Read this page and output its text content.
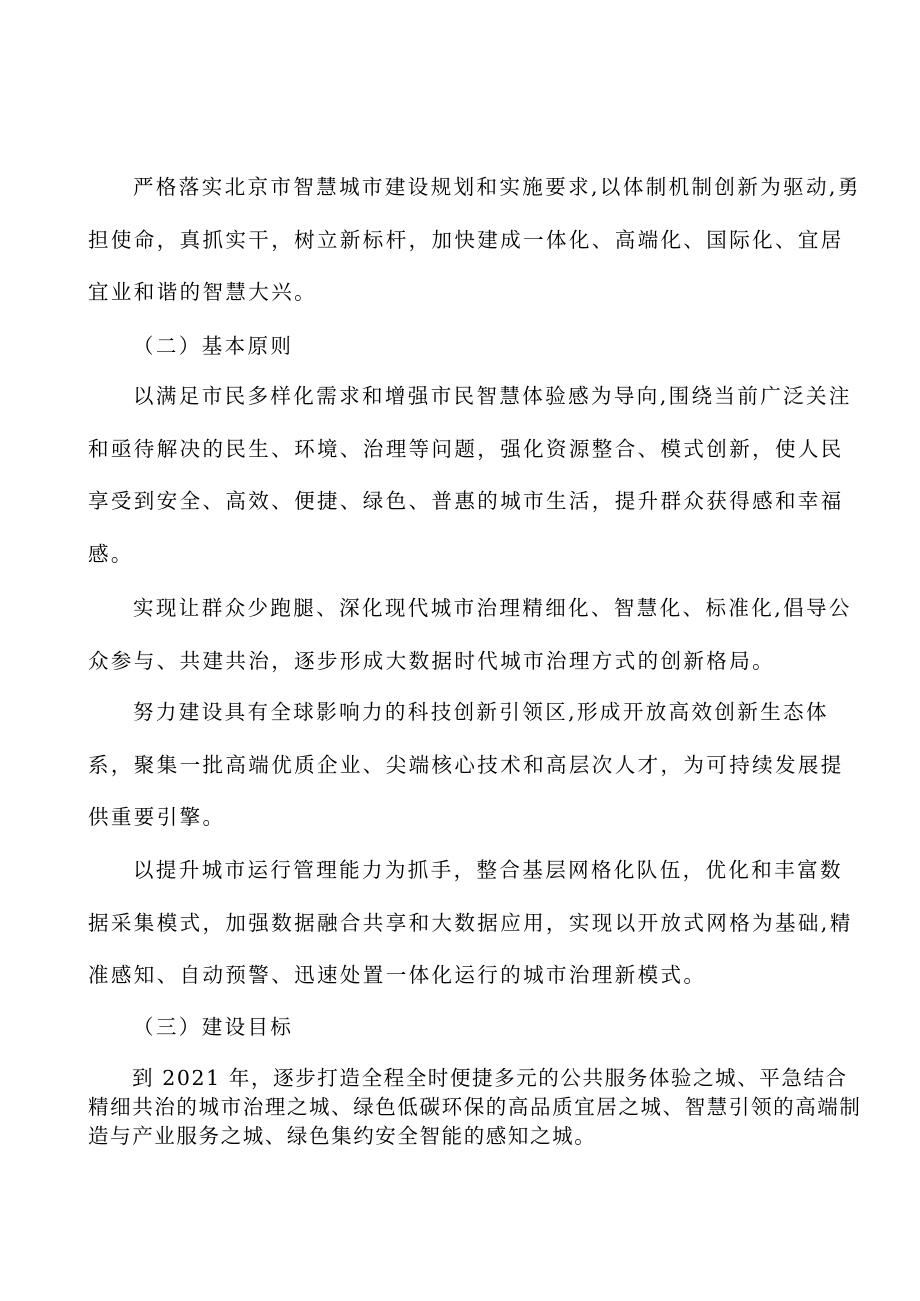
严格落实北京市智慧城市建设规划和实施要求,以体制机制创新为驱动,勇担使命，真抓实干，树立新标杆，加快建成一体化、高端化、国际化、宜居宜业和谐的智慧大兴。

（二）基本原则

以满足市民多样化需求和增强市民智慧体验感为导向,围绕当前广泛关注和亟待解决的民生、环境、治理等问题，强化资源整合、模式创新，使人民享受到安全、高效、便捷、绿色、普惠的城市生活，提升群众获得感和幸福感。

实现让群众少跑腿、深化现代城市治理精细化、智慧化、标准化,倡导公众参与、共建共治，逐步形成大数据时代城市治理方式的创新格局。

努力建设具有全球影响力的科技创新引领区,形成开放高效创新生态体系，聚集一批高端优质企业、尖端核心技术和高层次人才，为可持续发展提供重要引擎。

以提升城市运行管理能力为抓手，整合基层网格化队伍，优化和丰富数据采集模式，加强数据融合共享和大数据应用，实现以开放式网格为基础,精准感知、自动预警、迅速处置一体化运行的城市治理新模式。

（三）建设目标

到 2021 年，逐步打造全程全时便捷多元的公共服务体验之城、平急结合精细共治的城市治理之城、绿色低碳环保的高品质宜居之城、智慧引领的高端制造与产业服务之城、绿色集约安全智能的感知之城。
